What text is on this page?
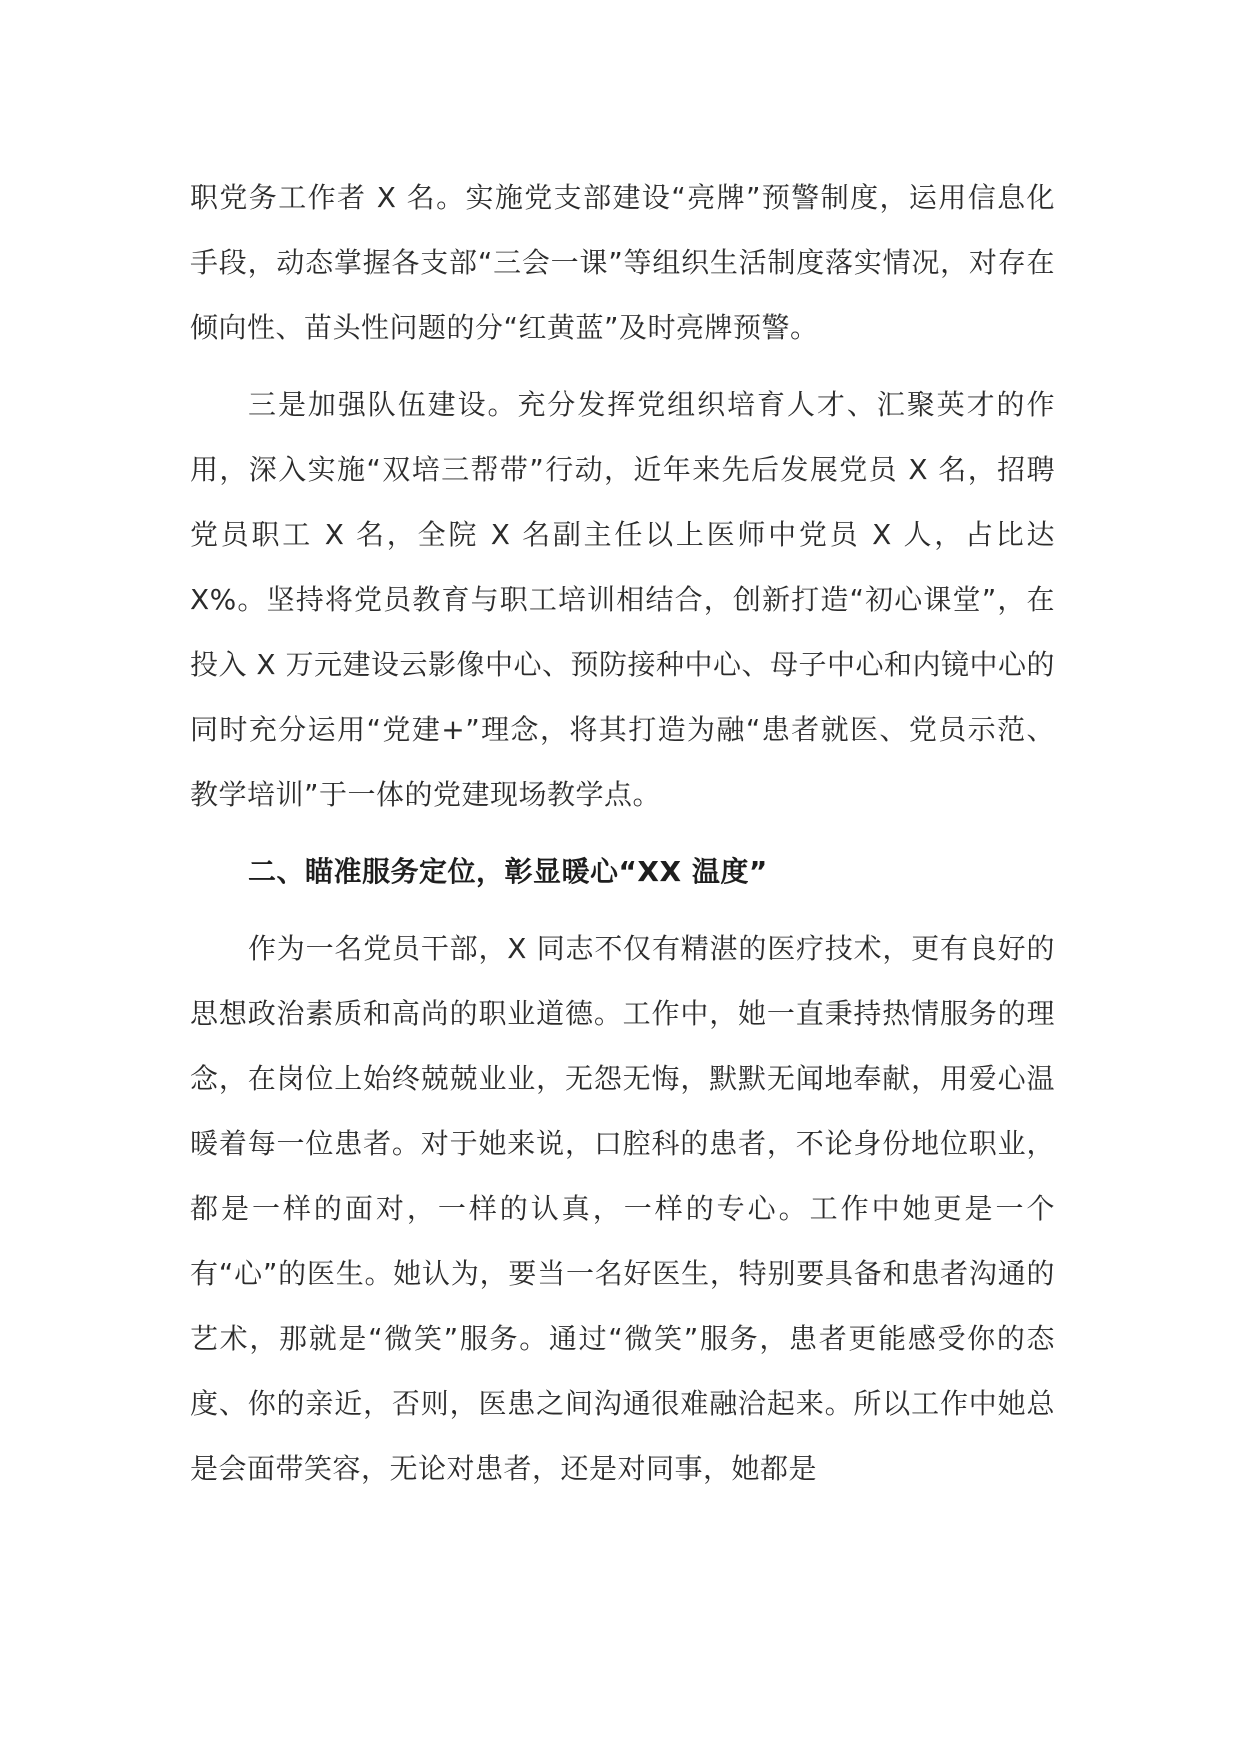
职党务工作者 X 名。实施党支部建设“亮牌”预警制度，运用信息化手段，动态掌握各支部“三会一课”等组织生活制度落实情况，对存在倾向性、苗头性问题的分“红黄蓝”及时亮牌预警。

三是加强队伍建设。充分发挥党组织培育人才、汇聚英才的作用，深入实施“双培三帮带”行动，近年来先后发展党员 X 名，招聘党员职工 X 名，全院 X 名副主任以上医师中党员 X 人，占比达 X%。坚持将党员教育与职工培训相结合，创新打造“初心课堂”，在投入 X 万元建设云影像中心、预防接种中心、母子中心和内镜中心的同时充分运用“党建+”理念，将其打造为融“患者就医、党员示范、教学培训”于一体的党建现场教学点。

二、瞄准服务定位，彰显暖心“XX 温度”

作为一名党员干部，X 同志不仅有精湛的医疗技术，更有良好的思想政治素质和高尚的职业道德。工作中，她一直秉持热情服务的理念，在岗位上始终兢兢业业，无怨无悔，默默无闻地奉献，用爱心温暖着每一位患者。对于她来说，口腔科的患者，不论身份地位职业，都是一样的面对，一样的认真，一样的专心。工作中她更是一个有“心”的医生。她认为，要当一名好医生，特别要具备和患者沟通的艺术，那就是“微笑”服务。通过“微笑”服务，患者更能感受你的态度、你的亲近，否则，医患之间沟通很难融洽起来。所以工作中她总是会面带笑容，无论对患者，还是对同事，她都是
